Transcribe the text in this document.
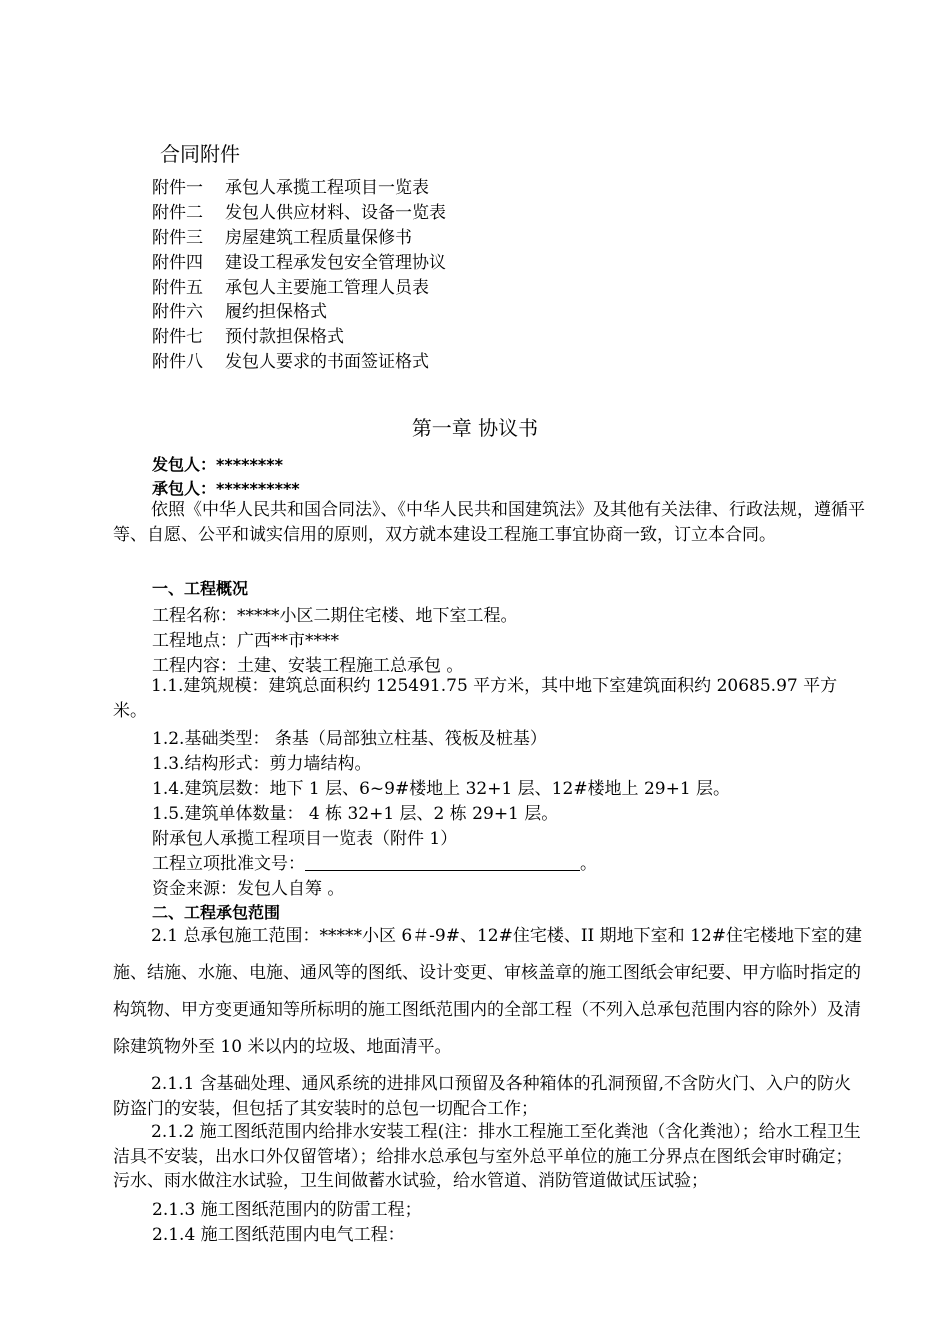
合同附件
附件一 承包人承揽工程项目一览表
附件二 发包人供应材料、设备一览表
附件三 房屋建筑工程质量保修书
附件四 建设工程承发包安全管理协议
附件五 承包人主要施工管理人员表
附件六 履约担保格式
附件七 预付款担保格式
附件八 发包人要求的书面签证格式
第一章 协议书
发包人：********
承包人：**********
依照《中华人民共和国合同法》、《中华人民共和国建筑法》及其他有关法律、行政法规，遵循平等、自愿、公平和诚实信用的原则，双方就本建设工程施工事宜协商一致，订立本合同。
一、工程概况
工程名称：*****小区二期住宅楼、地下室工程。
工程地点：广西**市****
工程内容：土建、安装工程施工总承包 。
1.1.建筑规模：建筑总面积约 125491.75 平方米，其中地下室建筑面积约 20685.97 平方米。
1.2.基础类型： 条基（局部独立柱基、筏板及桩基）
1.3.结构形式：剪力墙结构。
1.4.建筑层数：地下 1 层、6~9#楼地上 32+1 层、12#楼地上 29+1 层。
1.5.建筑单体数量： 4 栋 32+1 层、2 栋 29+1 层。
附承包人承揽工程项目一览表（附件 1）
工程立项批准文号：	。
资金来源：发包人自筹 。
二、工程承包范围
2.1 总承包施工范围：*****小区 6＃-9#、12#住宅楼、II 期地下室和 12#住宅楼地下室的建施、结施、水施、电施、通风等的图纸、设计变更、审核盖章的施工图纸会审纪要、甲方临时指定的构筑物、甲方变更通知等所标明的施工图纸范围内的全部工程（不列入总承包范围内容的除外）及清除建筑物外至 10 米以内的垃圾、地面清平。
2.1.1 含基础处理、通风系统的进排风口预留及各种箱体的孔洞预留,不含防火门、入户的防火防盗门的安装，但包括了其安装时的总包一切配合工作；
2.1.2 施工图纸范围内给排水安装工程(注：排水工程施工至化粪池（含化粪池）；给水工程卫生洁具不安装，出水口外仅留管堵）；给排水总承包与室外总平单位的施工分界点在图纸会审时确定；污水、雨水做注水试验，卫生间做蓄水试验，给水管道、消防管道做试压试验；
2.1.3 施工图纸范围内的防雷工程；
2.1.4 施工图纸范围内电气工程：
